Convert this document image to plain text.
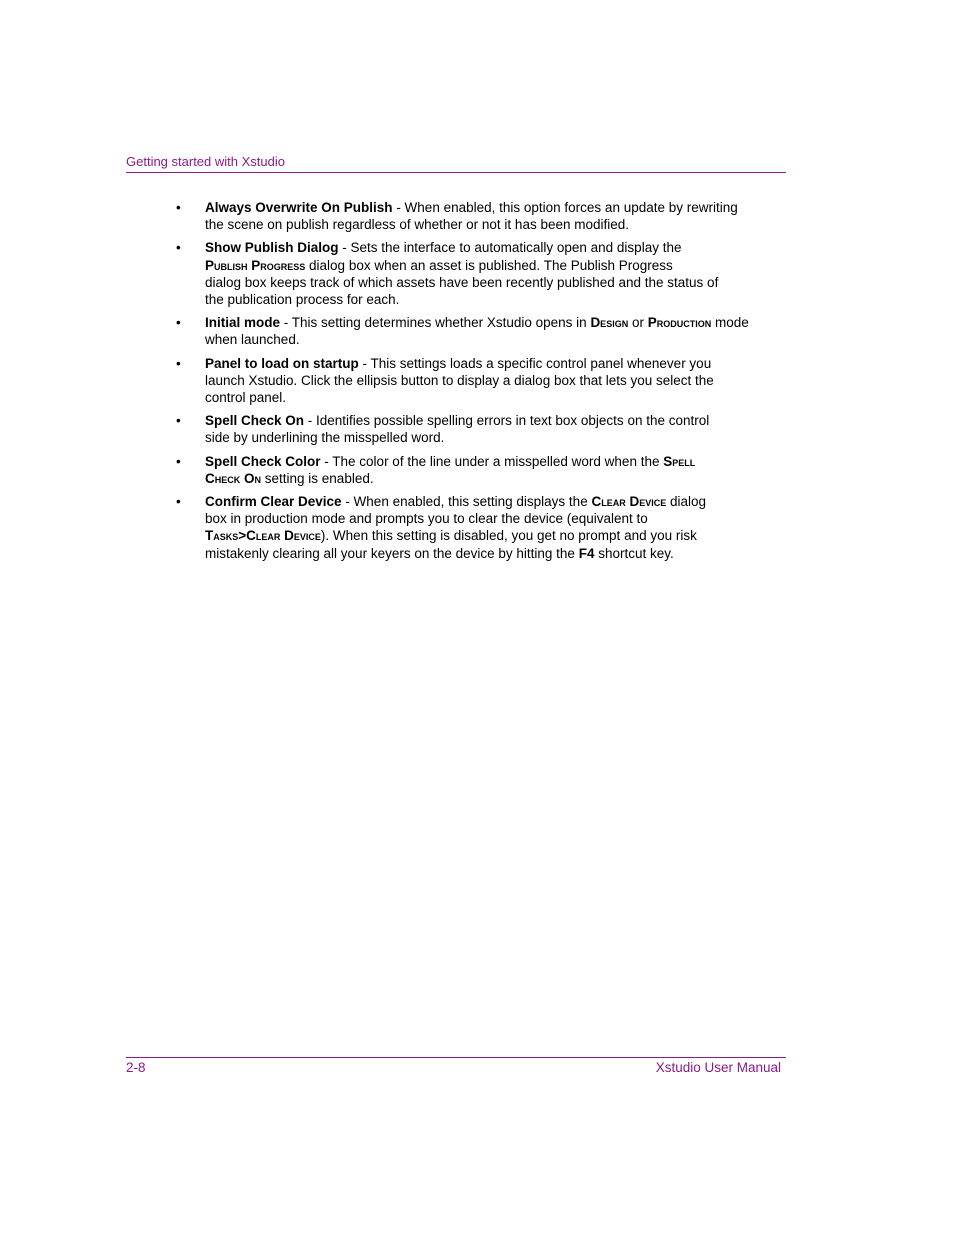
Getting started with Xstudio
• Always Overwrite On Publish - When enabled, this option forces an update by rewriting
the scene on publish regardless of whether or not it has been modified.
• Show Publish Dialog - Sets the interface to automatically open and display the
Publish Progress dialog box when an asset is published. The Publish Progress
dialog box keeps track of which assets have been recently published and the status of
the publication process for each.
• Initial mode - This setting determines whether Xstudio opens in Design or Production mode
when launched.
• Panel to load on startup - This settings loads a specific control panel whenever you
launch Xstudio. Click the ellipsis button to display a dialog box that lets you select the
control panel.
• Spell Check On - Identifies possible spelling errors in text box objects on the control
side by underlining the misspelled word.
• Spell Check Color - The color of the line under a misspelled word when the Spell
Check On setting is enabled.
• Confirm Clear Device - When enabled, this setting displays the Clear Device dialog
box in production mode and prompts you to clear the device (equivalent to
Tasks>Clear Device). When this setting is disabled, you get no prompt and you risk
mistakenly clearing all your keyers on the device by hitting the F4 shortcut key.
2-8	Xstudio User Manual
